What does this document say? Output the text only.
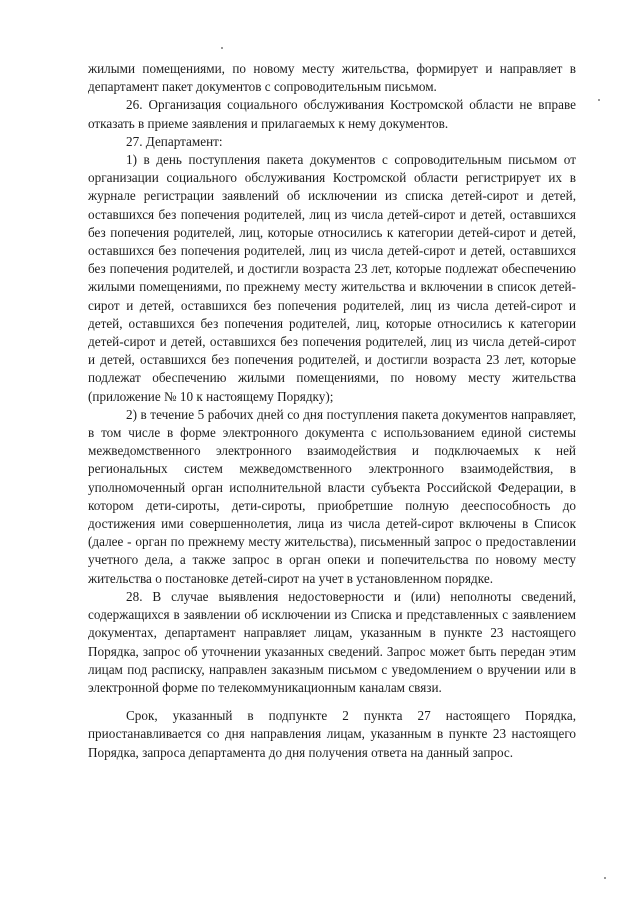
жилыми помещениями, по новому месту жительства, формирует и направляет в департамент пакет документов с сопроводительным письмом.

26. Организация социального обслуживания Костромской области не вправе отказать в приеме заявления и прилагаемых к нему документов.

27. Департамент:

1) в день поступления пакета документов с сопроводительным письмом от организации социального обслуживания Костромской области регистрирует их в журнале регистрации заявлений об исключении из списка детей-сирот и детей, оставшихся без попечения родителей, лиц из числа детей-сирот и детей, оставшихся без попечения родителей, лиц, которые относились к категории детей-сирот и детей, оставшихся без попечения родителей, лиц из числа детей-сирот и детей, оставшихся без попечения родителей, и достигли возраста 23 лет, которые подлежат обеспечению жилыми помещениями, по прежнему месту жительства и включении в список детей-сирот и детей, оставшихся без попечения родителей, лиц из числа детей-сирот и детей, оставшихся без попечения родителей, лиц, которые относились к категории детей-сирот и детей, оставшихся без попечения родителей, лиц из числа детей-сирот и детей, оставшихся без попечения родителей, и достигли возраста 23 лет, которые подлежат обеспечению жилыми помещениями, по новому месту жительства (приложение № 10 к настоящему Порядку);

2) в течение 5 рабочих дней со дня поступления пакета документов направляет, в том числе в форме электронного документа с использованием единой системы межведомственного электронного взаимодействия и подключаемых к ней региональных систем межведомственного электронного взаимодействия, в уполномоченный орган исполнительной власти субъекта Российской Федерации, в котором дети-сироты, дети-сироты, приобретшие полную дееспособность до достижения ими совершеннолетия, лица из числа детей-сирот включены в Список (далее - орган по прежнему месту жительства), письменный запрос о предоставлении учетного дела, а также запрос в орган опеки и попечительства по новому месту жительства о постановке детей-сирот на учет в установленном порядке.

28. В случае выявления недостоверности и (или) неполноты сведений, содержащихся в заявлении об исключении из Списка и представленных с заявлением документах, департамент направляет лицам, указанным в пункте 23 настоящего Порядка, запрос об уточнении указанных сведений. Запрос может быть передан этим лицам под расписку, направлен заказным письмом с уведомлением о вручении или в электронной форме по телекоммуникационным каналам связи.

Срок, указанный в подпункте 2 пункта 27 настоящего Порядка, приостанавливается со дня направления лицам, указанным в пункте 23 настоящего Порядка, запроса департамента до дня получения ответа на данный запрос.
